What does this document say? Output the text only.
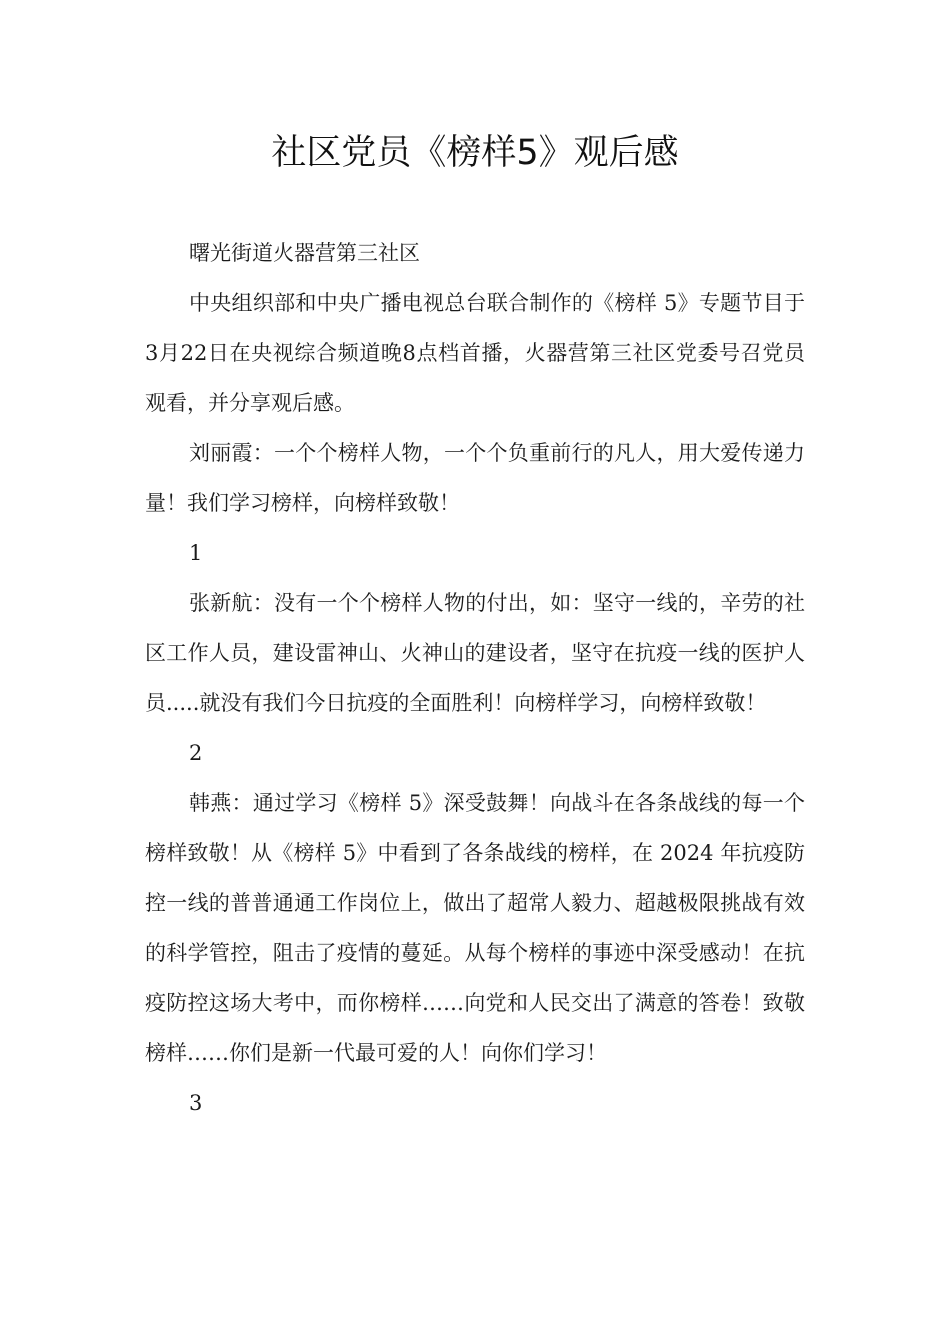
社区党员《榜样5》观后感

曙光街道火器营第三社区

中央组织部和中央广播电视总台联合制作的《榜样 5》专题节目于3月22日在央视综合频道晚8点档首播，火器营第三社区党委号召党员观看，并分享观后感。

刘丽霞：一个个榜样人物，一个个负重前行的凡人，用大爱传递力量！我们学习榜样，向榜样致敬！

1

张新航：没有一个个榜样人物的付出，如：坚守一线的，辛劳的社区工作人员，建设雷神山、火神山的建设者，坚守在抗疫一线的医护人员.....就没有我们今日抗疫的全面胜利！向榜样学习，向榜样致敬！

2

韩燕：通过学习《榜样 5》深受鼓舞！向战斗在各条战线的每一个榜样致敬！从《榜样 5》中看到了各条战线的榜样，在 2024 年抗疫防控一线的普普通通工作岗位上，做出了超常人毅力、超越极限挑战有效的科学管控，阻击了疫情的蔓延。从每个榜样的事迹中深受感动！在抗疫防控这场大考中，而你榜样……向党和人民交出了满意的答卷！致敬榜样……你们是新一代最可爱的人！向你们学习！

3
